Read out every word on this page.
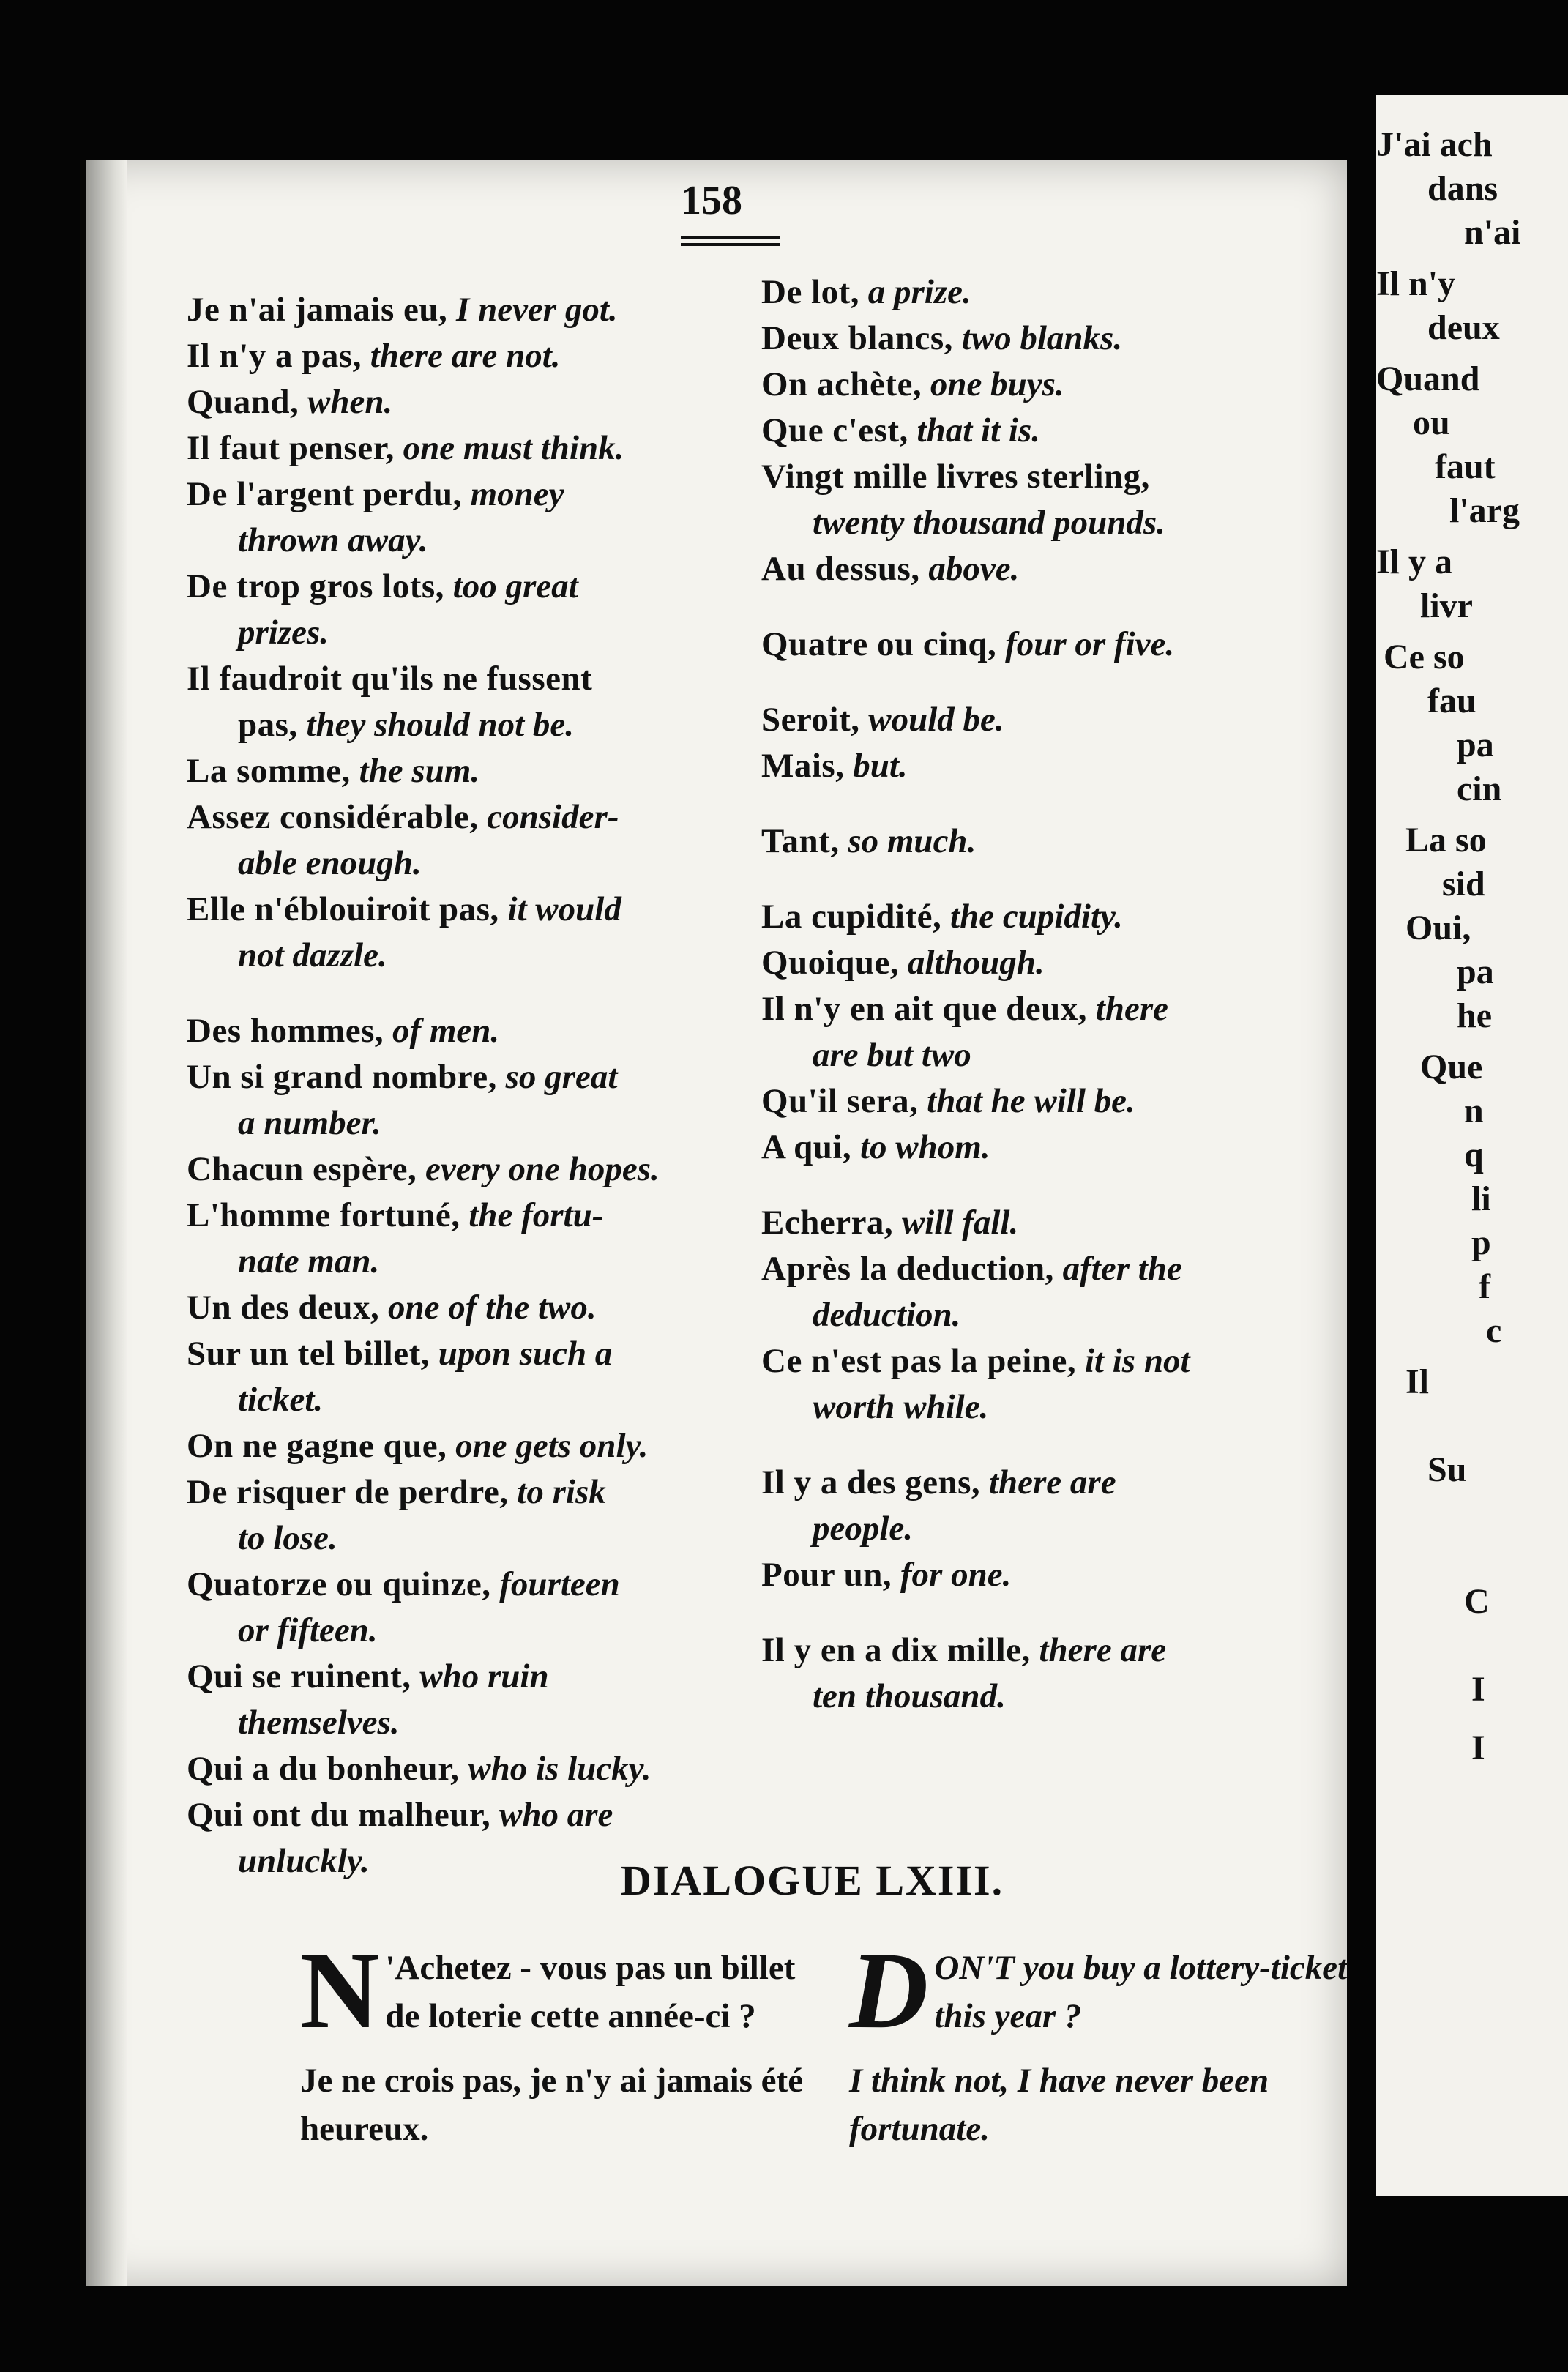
J'ai ach
dans
n'ai
Il n'y
deux
Quand
ou
faut
l'arg
Il y a
livr
Ce so
fau
pa
cin
La so
sid
Oui,
pa
he
Que
n
q
li
p
f
c
Il
Su
C
I
I
158
Je n'ai jamais eu, I never got.
Il n'y a pas, there are not.
Quand, when.
Il faut penser, one must think.
De l'argent perdu, money
thrown away.
De trop gros lots, too great
prizes.
Il faudroit qu'ils ne fussent
pas, they should not be.
La somme, the sum.
Assez considérable, consider-
able enough.
Elle n'éblouiroit pas, it would
not dazzle.
Des hommes, of men.
Un si grand nombre, so great
a number.
Chacun espère, every one hopes.
L'homme fortuné, the fortu-
nate man.
Un des deux, one of the two.
Sur un tel billet, upon such a
ticket.
On ne gagne que, one gets only.
De risquer de perdre, to risk
to lose.
Quatorze ou quinze, fourteen
or fifteen.
Qui se ruinent, who ruin
themselves.
Qui a du bonheur, who is lucky.
Qui ont du malheur, who are
unluckly.
De lot, a prize.
Deux blancs, two blanks.
On achète, one buys.
Que c'est, that it is.
Vingt mille livres sterling,
twenty thousand pounds.
Au dessus, above.
Quatre ou cinq, four or five.
Seroit, would be.
Mais, but.
Tant, so much.
La cupidité, the cupidity.
Quoique, although.
Il n'y en ait que deux, there
are but two
Qu'il sera, that he will be.
A qui, to whom.
Echerra, will fall.
Après la deduction, after the
deduction.
Ce n'est pas la peine, it is not
worth while.
Il y a des gens, there are
people.
Pour un, for one.
Il y en a dix mille, there are
ten thousand.
DIALOGUE LXIII.

N 'Achetez - vous pas un billet de loterie cette année-ci ?

Je ne crois pas, je n'y ai jamais été heureux.

DON'T you buy a lottery-ticket this year ?

I think not, I have never been fortunate.
